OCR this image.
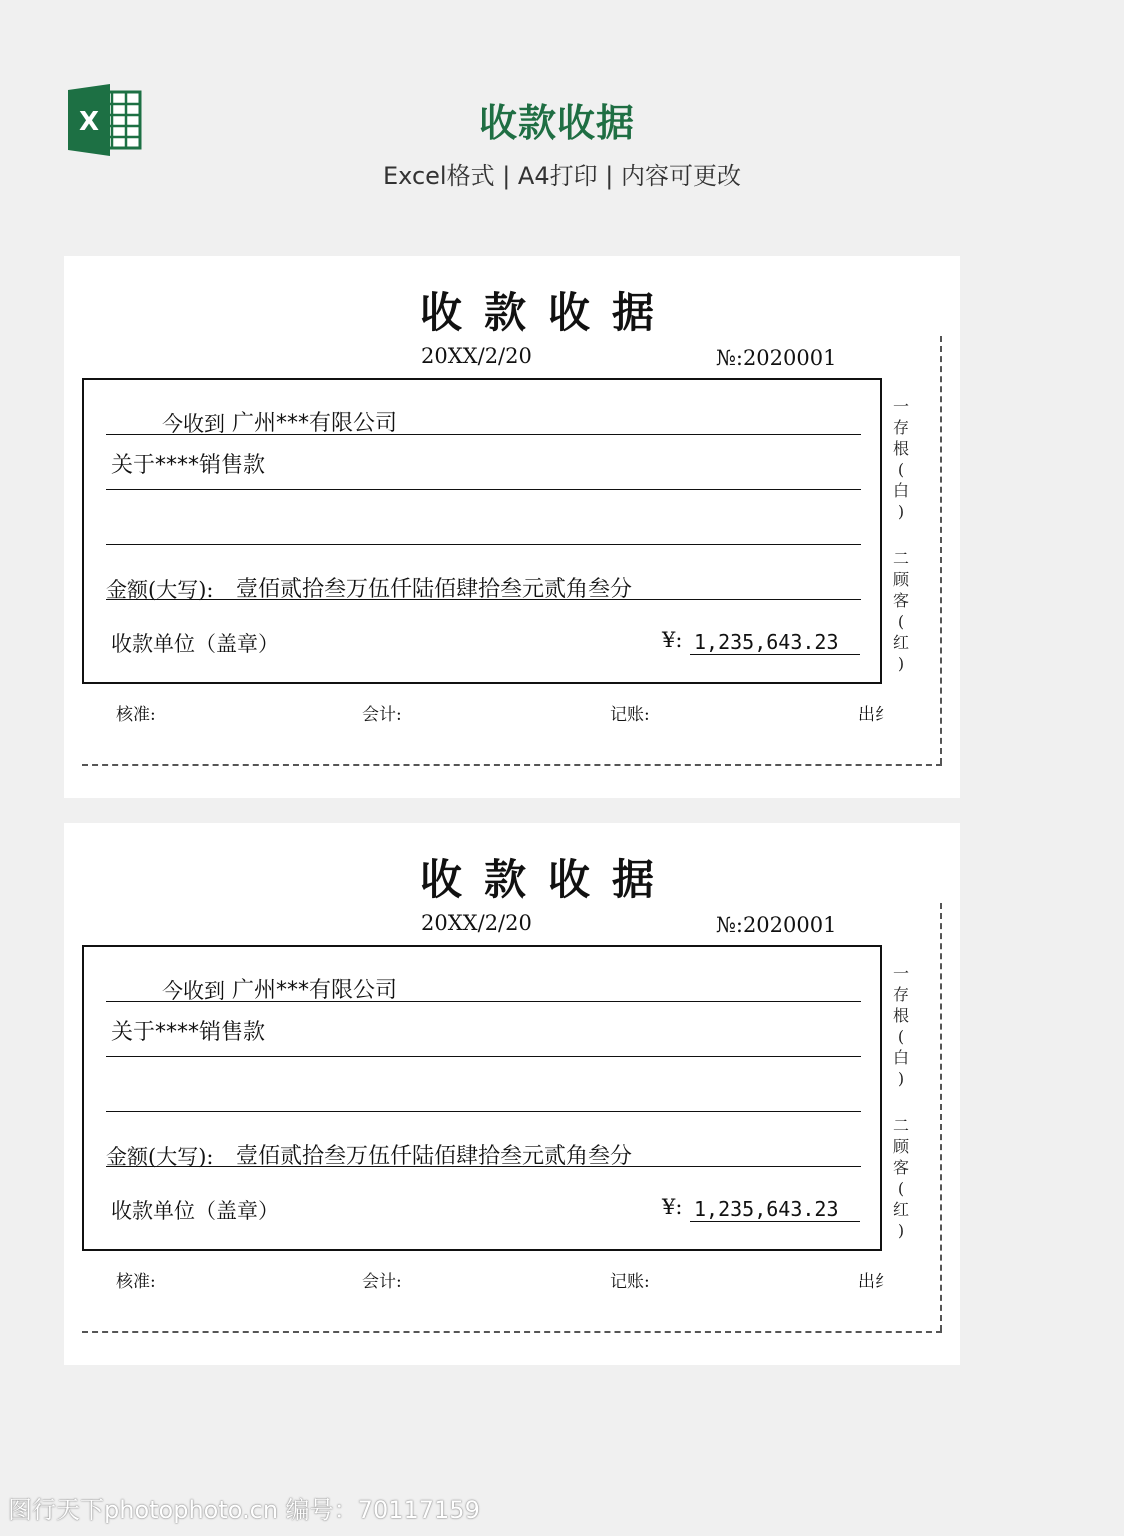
X	收款收据
Excel格式 | A4打印 | 内容可更改
收款收据
20XX/2/20	№:2020001
今收到 广州***有限公司
关于****销售款
金额(大写): 壹佰贰拾叁万伍仟陆佰肆拾叁元贰角叁分
收款单位（盖章）	¥: 1,235,643.23
核准:	会计:	记账:	出纟
一
存
根
(
白
)
二
顾
客
(
红
)
收款收据
20XX/2/20	№:2020001
今收到 广州***有限公司
关于****销售款
金额(大写): 壹佰贰拾叁万伍仟陆佰肆拾叁元贰角叁分
收款单位（盖章）	¥: 1,235,643.23
核准:	会计:	记账:	出纟
一
存
根
(
白
)
二
顾
客
(
红
)
图行天下photophoto.cn 编号：70117159
